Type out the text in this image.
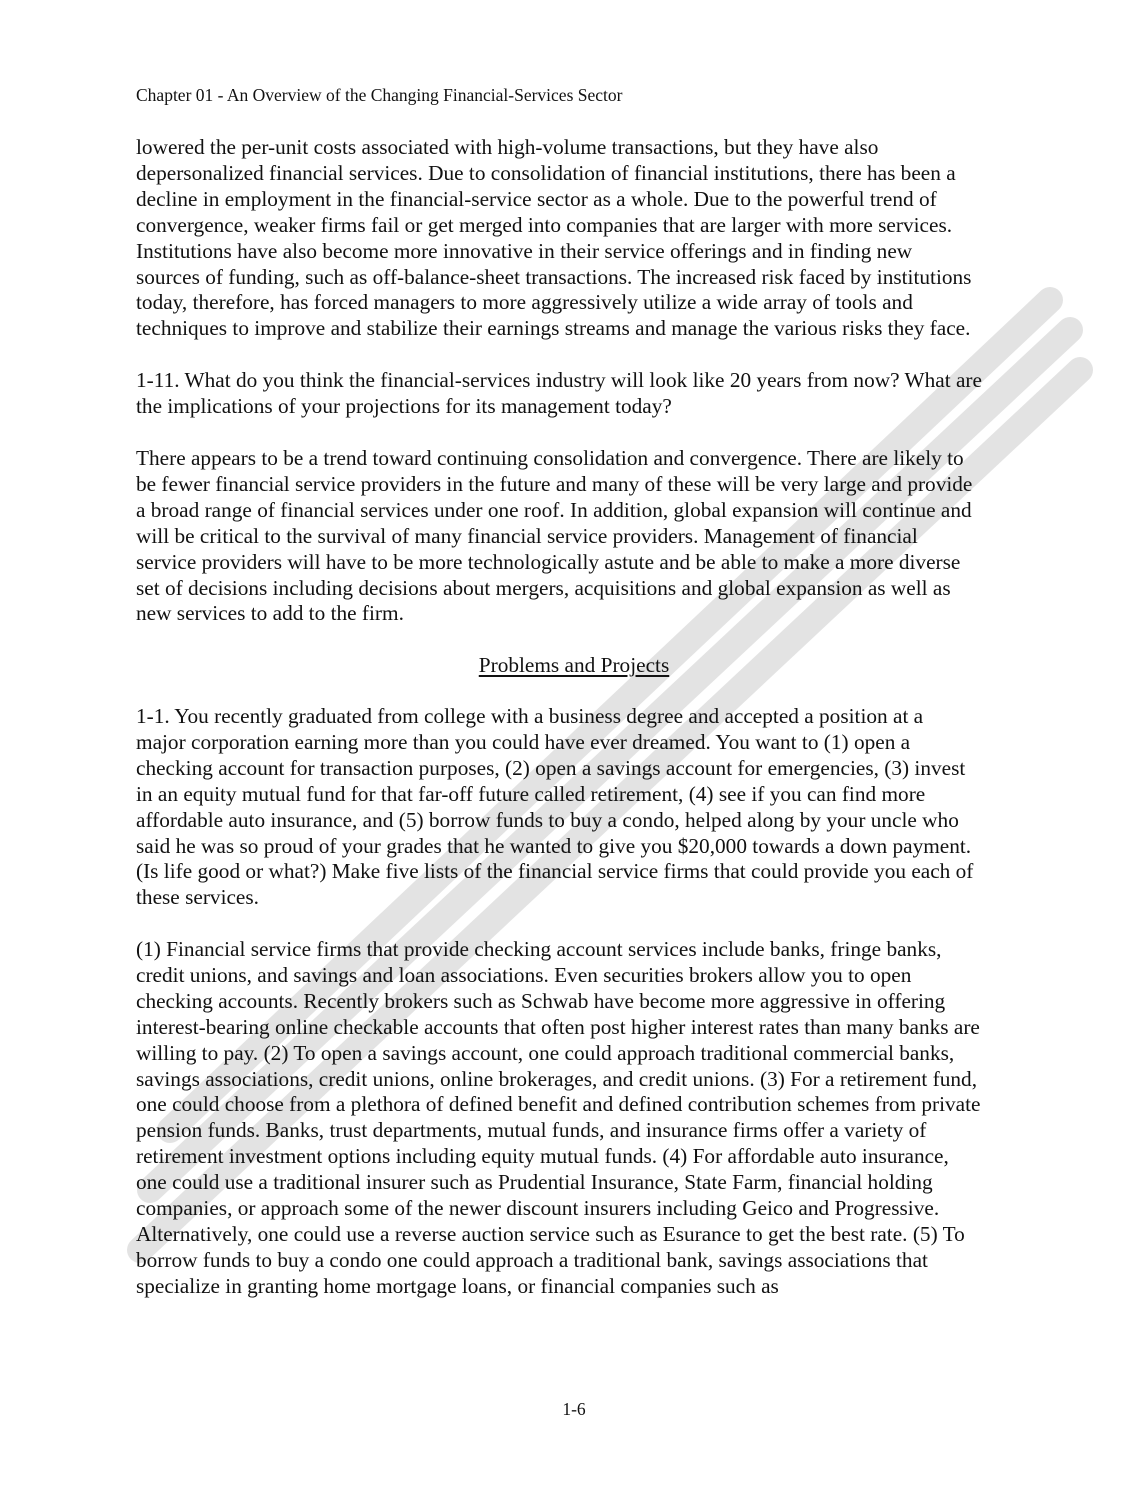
Chapter 01 - An Overview of the Changing Financial-Services Sector
lowered the per-unit costs associated with high-volume transactions, but they have also
depersonalized financial services. Due to consolidation of financial institutions, there has been a
decline in employment in the financial-service sector as a whole. Due to the powerful trend of
convergence, weaker firms fail or get merged into companies that are larger with more services.
Institutions have also become more innovative in their service offerings and in finding new
sources of funding, such as off-balance-sheet transactions. The increased risk faced by institutions
today, therefore, has forced managers to more aggressively utilize a wide array of tools and
techniques to improve and stabilize their earnings streams and manage the various risks they face.
1-11. What do you think the financial-services industry will look like 20 years from now? What are
the implications of your projections for its management today?
There appears to be a trend toward continuing consolidation and convergence. There are likely to
be fewer financial service providers in the future and many of these will be very large and provide
a broad range of financial services under one roof. In addition, global expansion will continue and
will be critical to the survival of many financial service providers. Management of financial
service providers will have to be more technologically astute and be able to make a more diverse
set of decisions including decisions about mergers, acquisitions and global expansion as well as
new services to add to the firm.
Problems and Projects
1-1. You recently graduated from college with a business degree and accepted a position at a
major corporation earning more than you could have ever dreamed. You want to (1) open a
checking account for transaction purposes, (2) open a savings account for emergencies, (3) invest
in an equity mutual fund for that far-off future called retirement, (4) see if you can find more
affordable auto insurance, and (5) borrow funds to buy a condo, helped along by your uncle who
said he was so proud of your grades that he wanted to give you $20,000 towards a down payment.
(Is life good or what?) Make five lists of the financial service firms that could provide you each of
these services.
(1) Financial service firms that provide checking account services include banks, fringe banks,
credit unions, and savings and loan associations. Even securities brokers allow you to open
checking accounts. Recently brokers such as Schwab have become more aggressive in offering
interest-bearing online checkable accounts that often post higher interest rates than many banks are
willing to pay. (2) To open a savings account, one could approach traditional commercial banks,
savings associations, credit unions, online brokerages, and credit unions. (3) For a retirement fund,
one could choose from a plethora of defined benefit and defined contribution schemes from private
pension funds. Banks, trust departments, mutual funds, and insurance firms offer a variety of
retirement investment options including equity mutual funds. (4) For affordable auto insurance,
one could use a traditional insurer such as Prudential Insurance, State Farm, financial holding
companies, or approach some of the newer discount insurers including Geico and Progressive.
Alternatively, one could use a reverse auction service such as Esurance to get the best rate. (5) To
borrow funds to buy a condo one could approach a traditional bank, savings associations that
specialize in granting home mortgage loans, or financial companies such as
1-6
